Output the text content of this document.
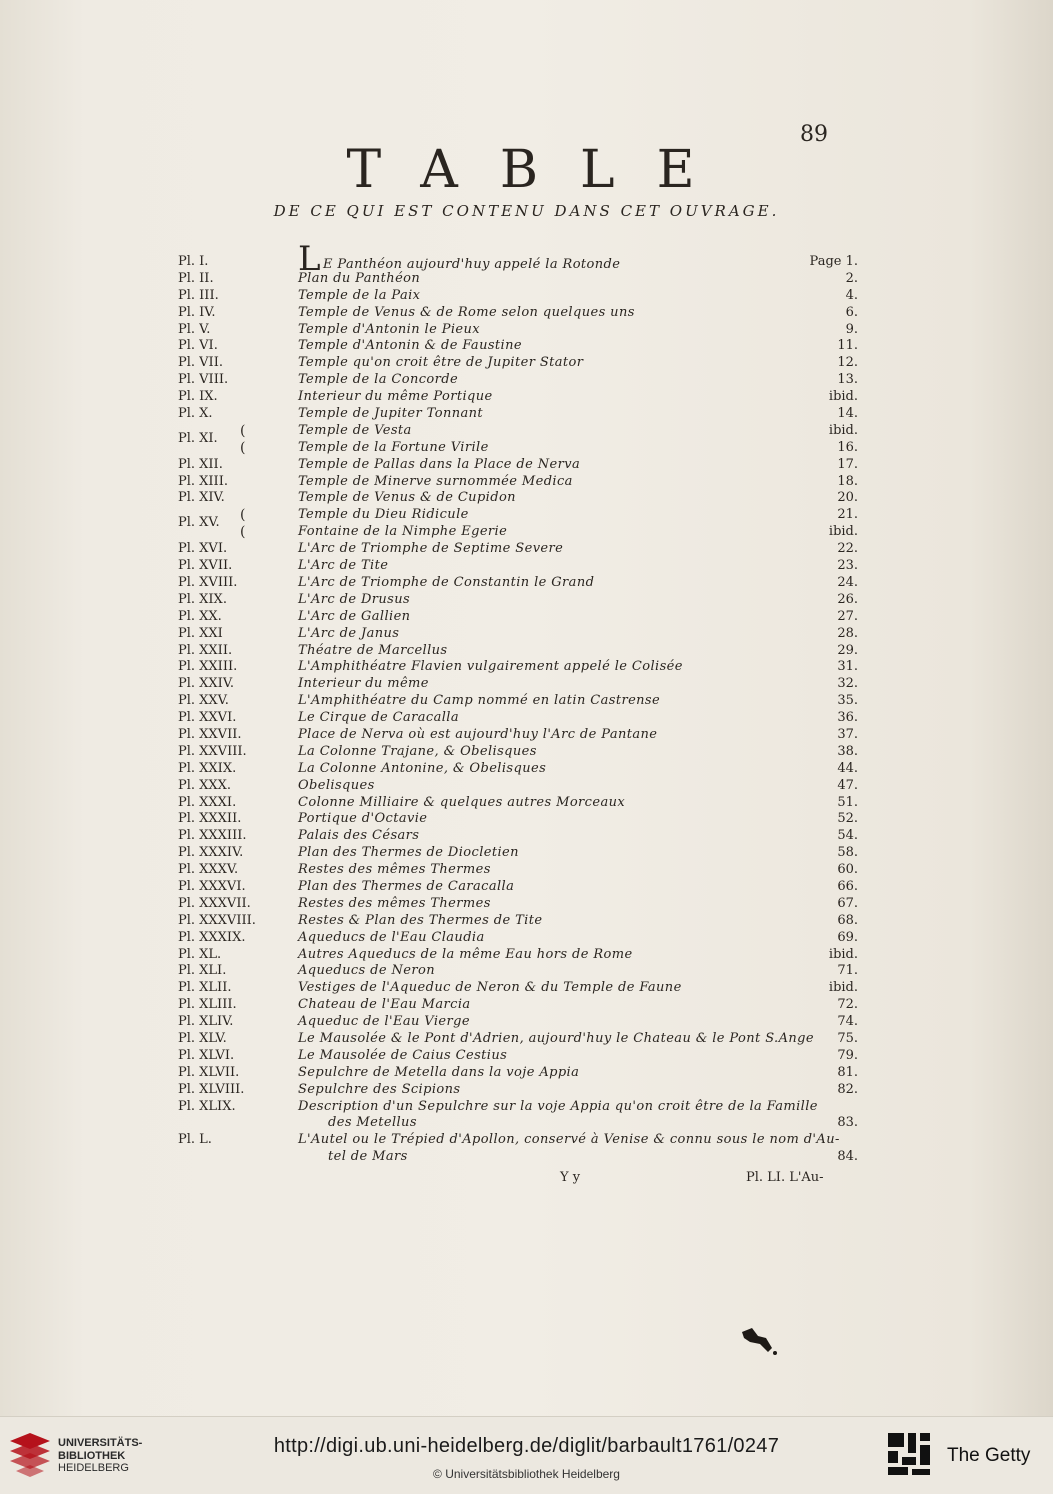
89
TABLE
DE CE QUI EST CONTENU DANS CET OUVRAGE.
Pl. I.	L E Panthéon aujourd'huy appelé la Rotonde	Page 1.
Pl. II.	Plan du Panthéon	2.
Pl. III.	Temple de la Paix	4.
Pl. IV.	Temple de Venus & de Rome selon quelques uns	6.
Pl. V.	Temple d'Antonin le Pieux	9.
Pl. VI.	Temple d'Antonin & de Faustine	11.
Pl. VII.	Temple qu'on croit être de Jupiter Stator	12.
Pl. VIII.	Temple de la Concorde	13.
Pl. IX.	Interieur du même Portique	ibid.
Pl. X.	Temple de Jupiter Tonnant	14.
Pl. XI. (
(
Temple de Vesta	ibid.
Temple de la Fortune Virile	16.
Pl. XII.	Temple de Pallas dans la Place de Nerva	17.
Pl. XIII.	Temple de Minerve surnommée Medica	18.
Pl. XIV.	Temple de Venus & de Cupidon	20.
Pl. XV. (
(
Temple du Dieu Ridicule	21.
Fontaine de la Nimphe Egerie	ibid.
Pl. XVI.	L'Arc de Triomphe de Septime Severe	22.
Pl. XVII.	L'Arc de Tite	23.
Pl. XVIII.	L'Arc de Triomphe de Constantin le Grand	24.
Pl. XIX.	L'Arc de Drusus	26.
Pl. XX.	L'Arc de Gallien	27.
Pl. XXI	L'Arc de Janus	28.
Pl. XXII.	Théatre de Marcellus	29.
Pl. XXIII.	L'Amphithéatre Flavien vulgairement appelé le Colisée	31.
Pl. XXIV.	Interieur du même	32.
Pl. XXV.	L'Amphithéatre du Camp nommé en latin Castrense	35.
Pl. XXVI.	Le Cirque de Caracalla	36.
Pl. XXVII.	Place de Nerva où est aujourd'huy l'Arc de Pantane	37.
Pl. XXVIII.	La Colonne Trajane, & Obelisques	38.
Pl. XXIX.	La Colonne Antonine, & Obelisques	44.
Pl. XXX.	Obelisques	47.
Pl. XXXI.	Colonne Milliaire & quelques autres Morceaux	51.
Pl. XXXII.	Portique d'Octavie	52.
Pl. XXXIII.	Palais des Césars	54.
Pl. XXXIV.	Plan des Thermes de Diocletien	58.
Pl. XXXV.	Restes des mêmes Thermes	60.
Pl. XXXVI.	Plan des Thermes de Caracalla	66.
Pl. XXXVII.	Restes des mêmes Thermes	67.
Pl. XXXVIII.	Restes & Plan des Thermes de Tite	68.
Pl. XXXIX.	Aqueducs de l'Eau Claudia	69.
Pl. XL.	Autres Aqueducs de la même Eau hors de Rome	ibid.
Pl. XLI.	Aqueducs de Neron	71.
Pl. XLII.	Vestiges de l'Aqueduc de Neron & du Temple de Faune	ibid.
Pl. XLIII.	Chateau de l'Eau Marcia	72.
Pl. XLIV.	Aqueduc de l'Eau Vierge	74.
Pl. XLV.	Le Mausolée & le Pont d'Adrien, aujourd'huy le Chateau & le Pont S.Ange 75.
Pl. XLVI.	Le Mausolée de Caius Cestius	79.
Pl. XLVII.	Sepulchre de Metella dans la voje Appia	81.
Pl. XLVIII.	Sepulchre des Scipions	82.
Pl. XLIX.	Description d'un Sepulchre sur la voje Appia qu'on croit être de la Famille
des Metellus	83.
Pl. L.	L'Autel ou le Trépied d'Apollon, conservé à Venise & connu sous le nom d'Au-
tel de Mars	84.
Y y	Pl. LI. L'Au-
UNIVERSITÄTS-
BIBLIOTHEK
HEIDELBERG
http://digi.ub.uni-heidelberg.de/diglit/barbault1761/0247
© Universitätsbibliothek Heidelberg
The Getty
